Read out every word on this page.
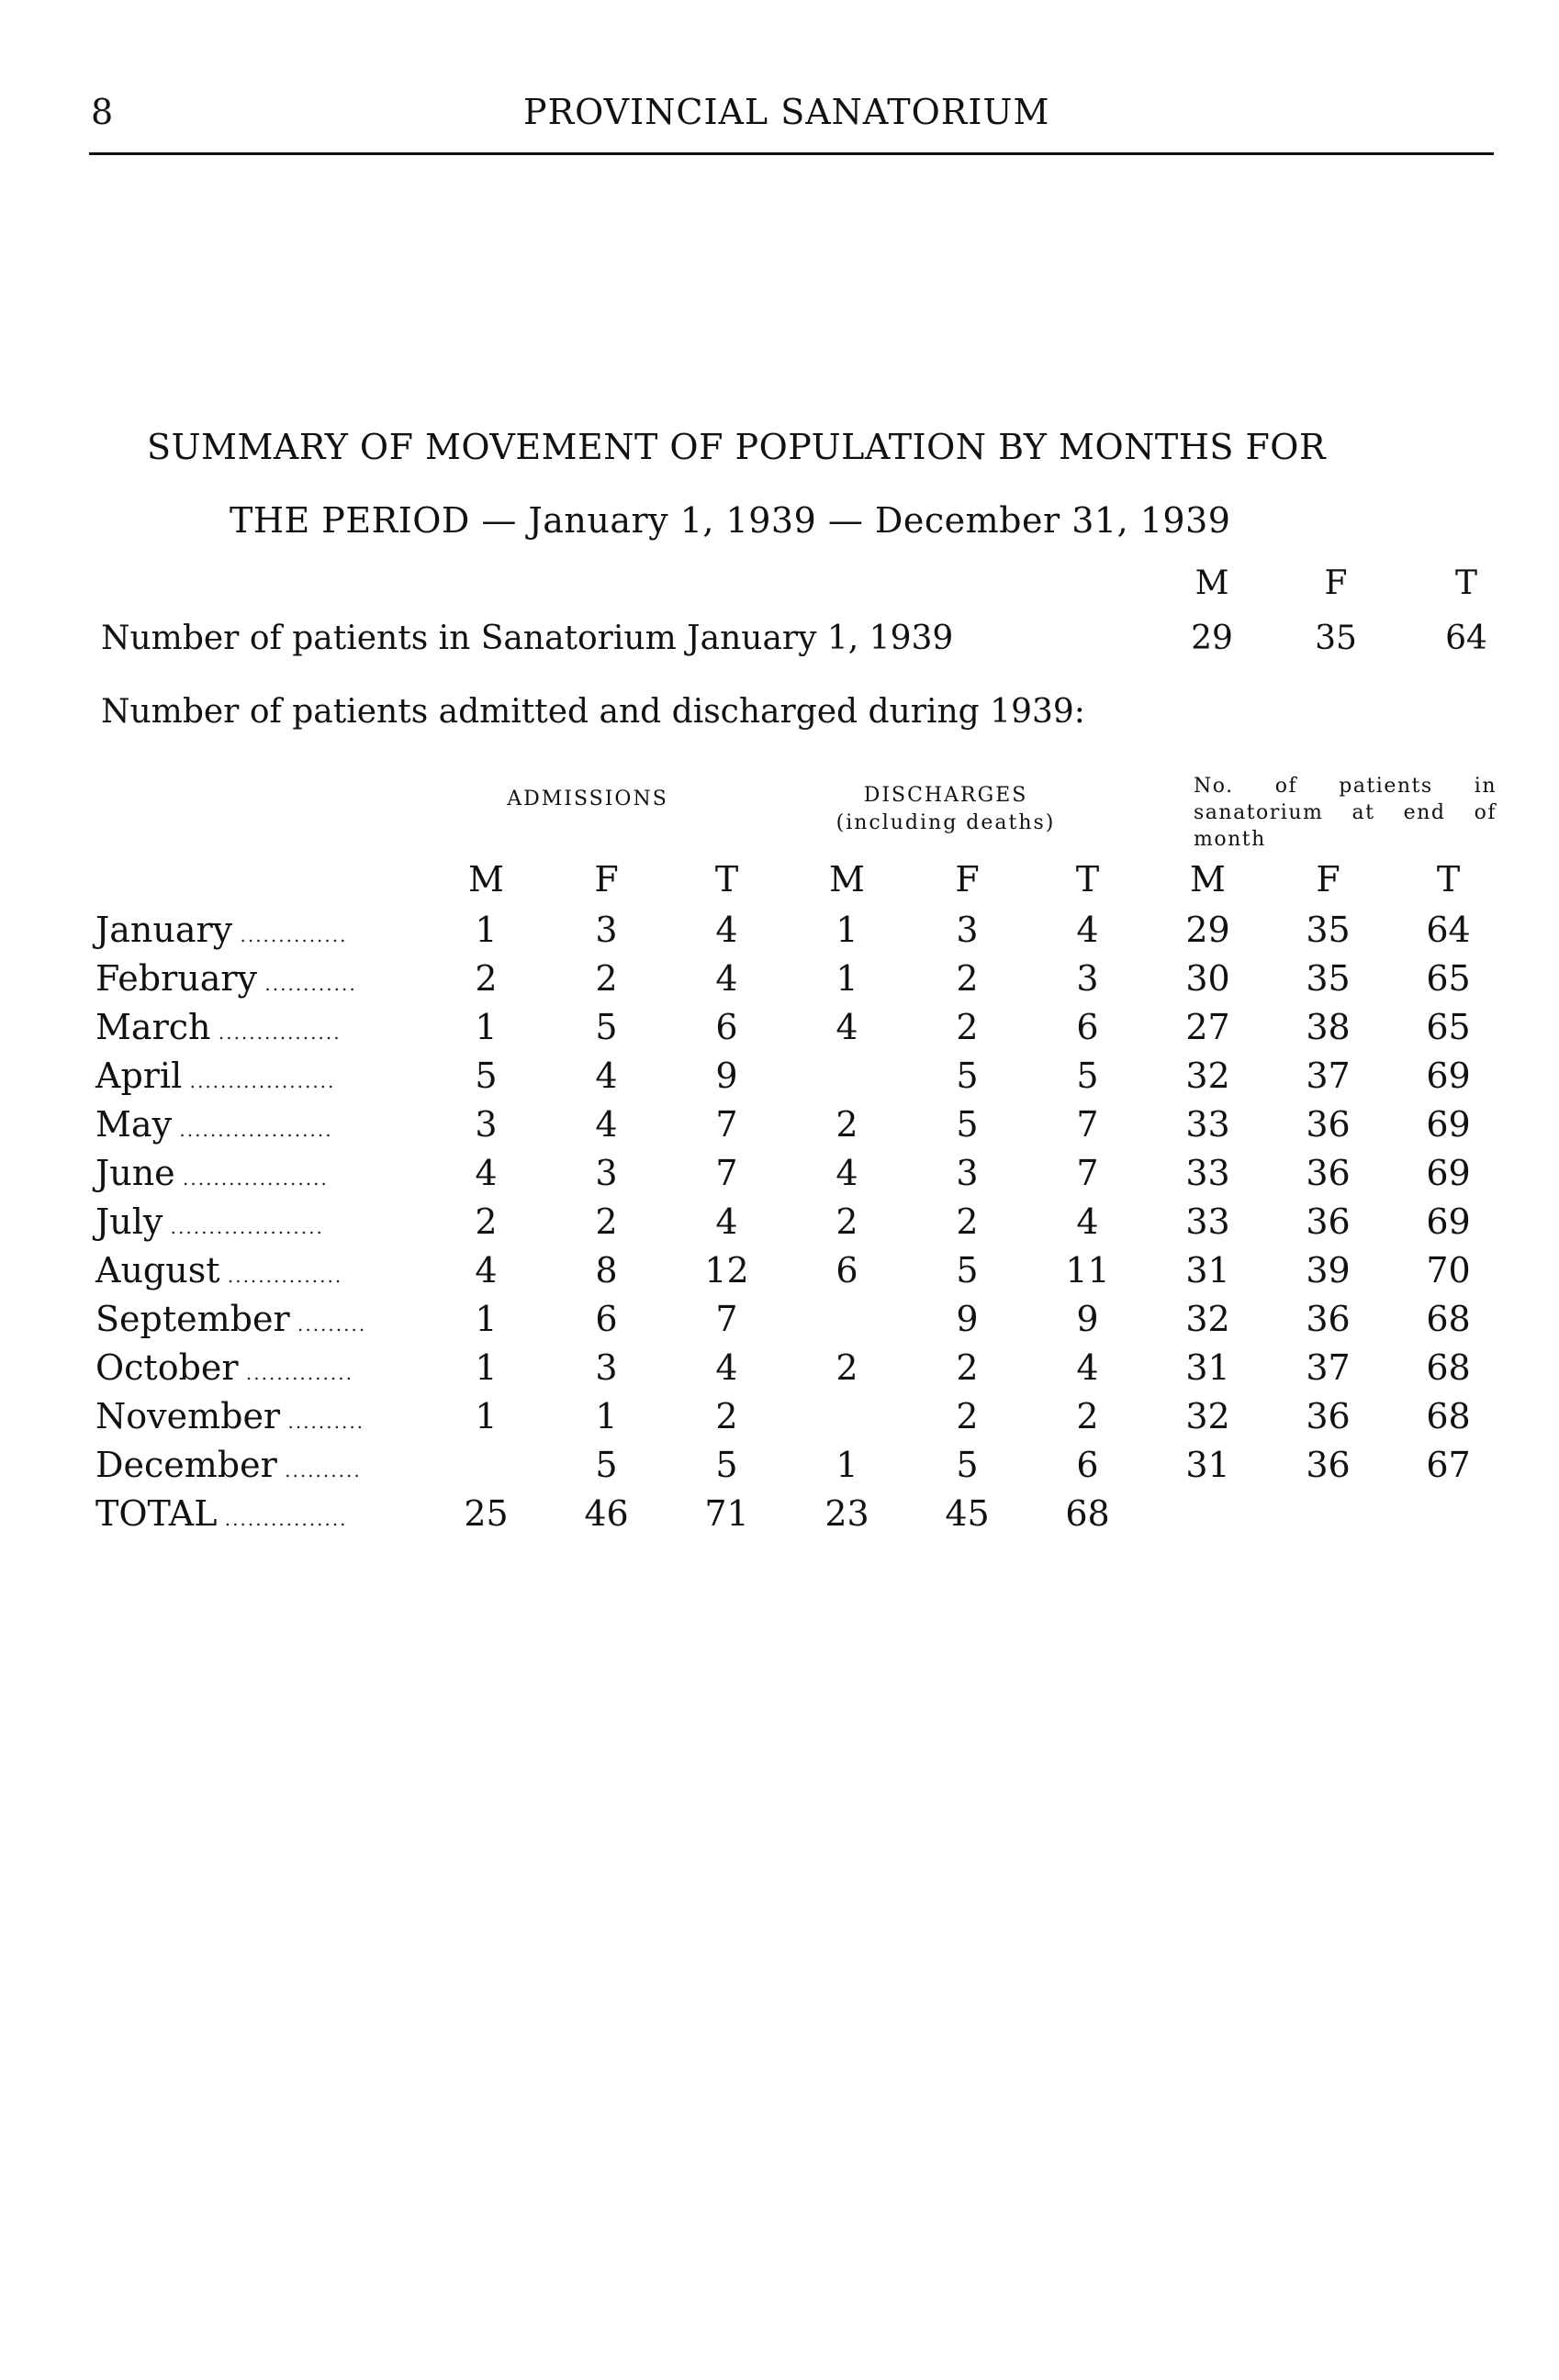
8	PROVINCIAL SANATORIUM
SUMMARY OF MOVEMENT OF POPULATION BY MONTHS FOR
THE PERIOD — January 1, 1939 — December 31, 1939
M	F	T
Number of patients in Sanatorium January 1, 1939	29	35	64
Number of patients admitted and discharged during 1939:
ADMISSIONS	DISCHARGES
(including deaths)
No. of patients in sanatorium at end of month
	M	F	T	M	F	T	M	F	T
January ..............	1	3	4	1	3	4	29	35	64
February ............	2	2	4	1	2	3	30	35	65
March ................	1	5	6	4	2	6	27	38	65
April ...................	5	4	9		5	5	32	37	69
May ....................	3	4	7	2	5	7	33	36	69
June ...................	4	3	7	4	3	7	33	36	69
July ....................	2	2	4	2	2	4	33	36	69
August ...............	4	8	12	6	5	11	31	39	70
September .........	1	6	7		9	9	32	36	68
October ..............	1	3	4	2	2	4	31	37	68
November ..........	1	1	2		2	2	32	36	68
December ..........		5	5	1	5	6	31	36	67
TOTAL ................	25	46	71	23	45	68			
